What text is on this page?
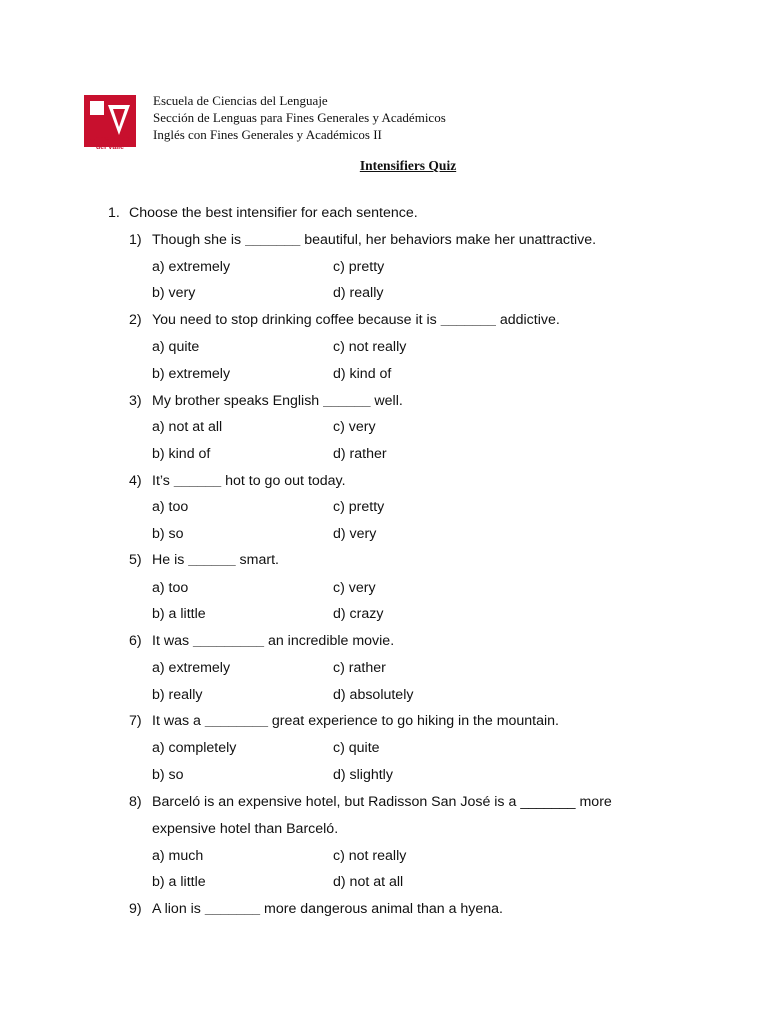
Universidad del Valle
Escuela de Ciencias del Lenguaje
Sección de Lenguas para Fines Generales y Académicos
Inglés con Fines Generales y Académicos II
Intensifiers Quiz
1. Choose the best intensifier for each sentence.
1) Though she is _______ beautiful, her behaviors make her unattractive.
a) extremely	c) pretty
b) very	d) really
2) You need to stop drinking coffee because it is _______ addictive.
a) quite	c) not really
b) extremely	d) kind of
3) My brother speaks English ______ well.
a) not at all	c) very
b) kind of	d) rather
4) It’s ______ hot to go out today.
a) too	c) pretty
b) so	d) very
5) He is ______ smart.
a) too	c) very
b) a little	d) crazy
6) It was _________ an incredible movie.
a) extremely	c) rather
b) really	d) absolutely
7) It was a ________ great experience to go hiking in the mountain.
a) completely	c) quite
b) so	d) slightly
8) Barceló is an expensive hotel, but Radisson San José is a _______ more
expensive hotel than Barceló.
a) much	c) not really
b) a little	d) not at all
9) A lion is _______ more dangerous animal than a hyena.
